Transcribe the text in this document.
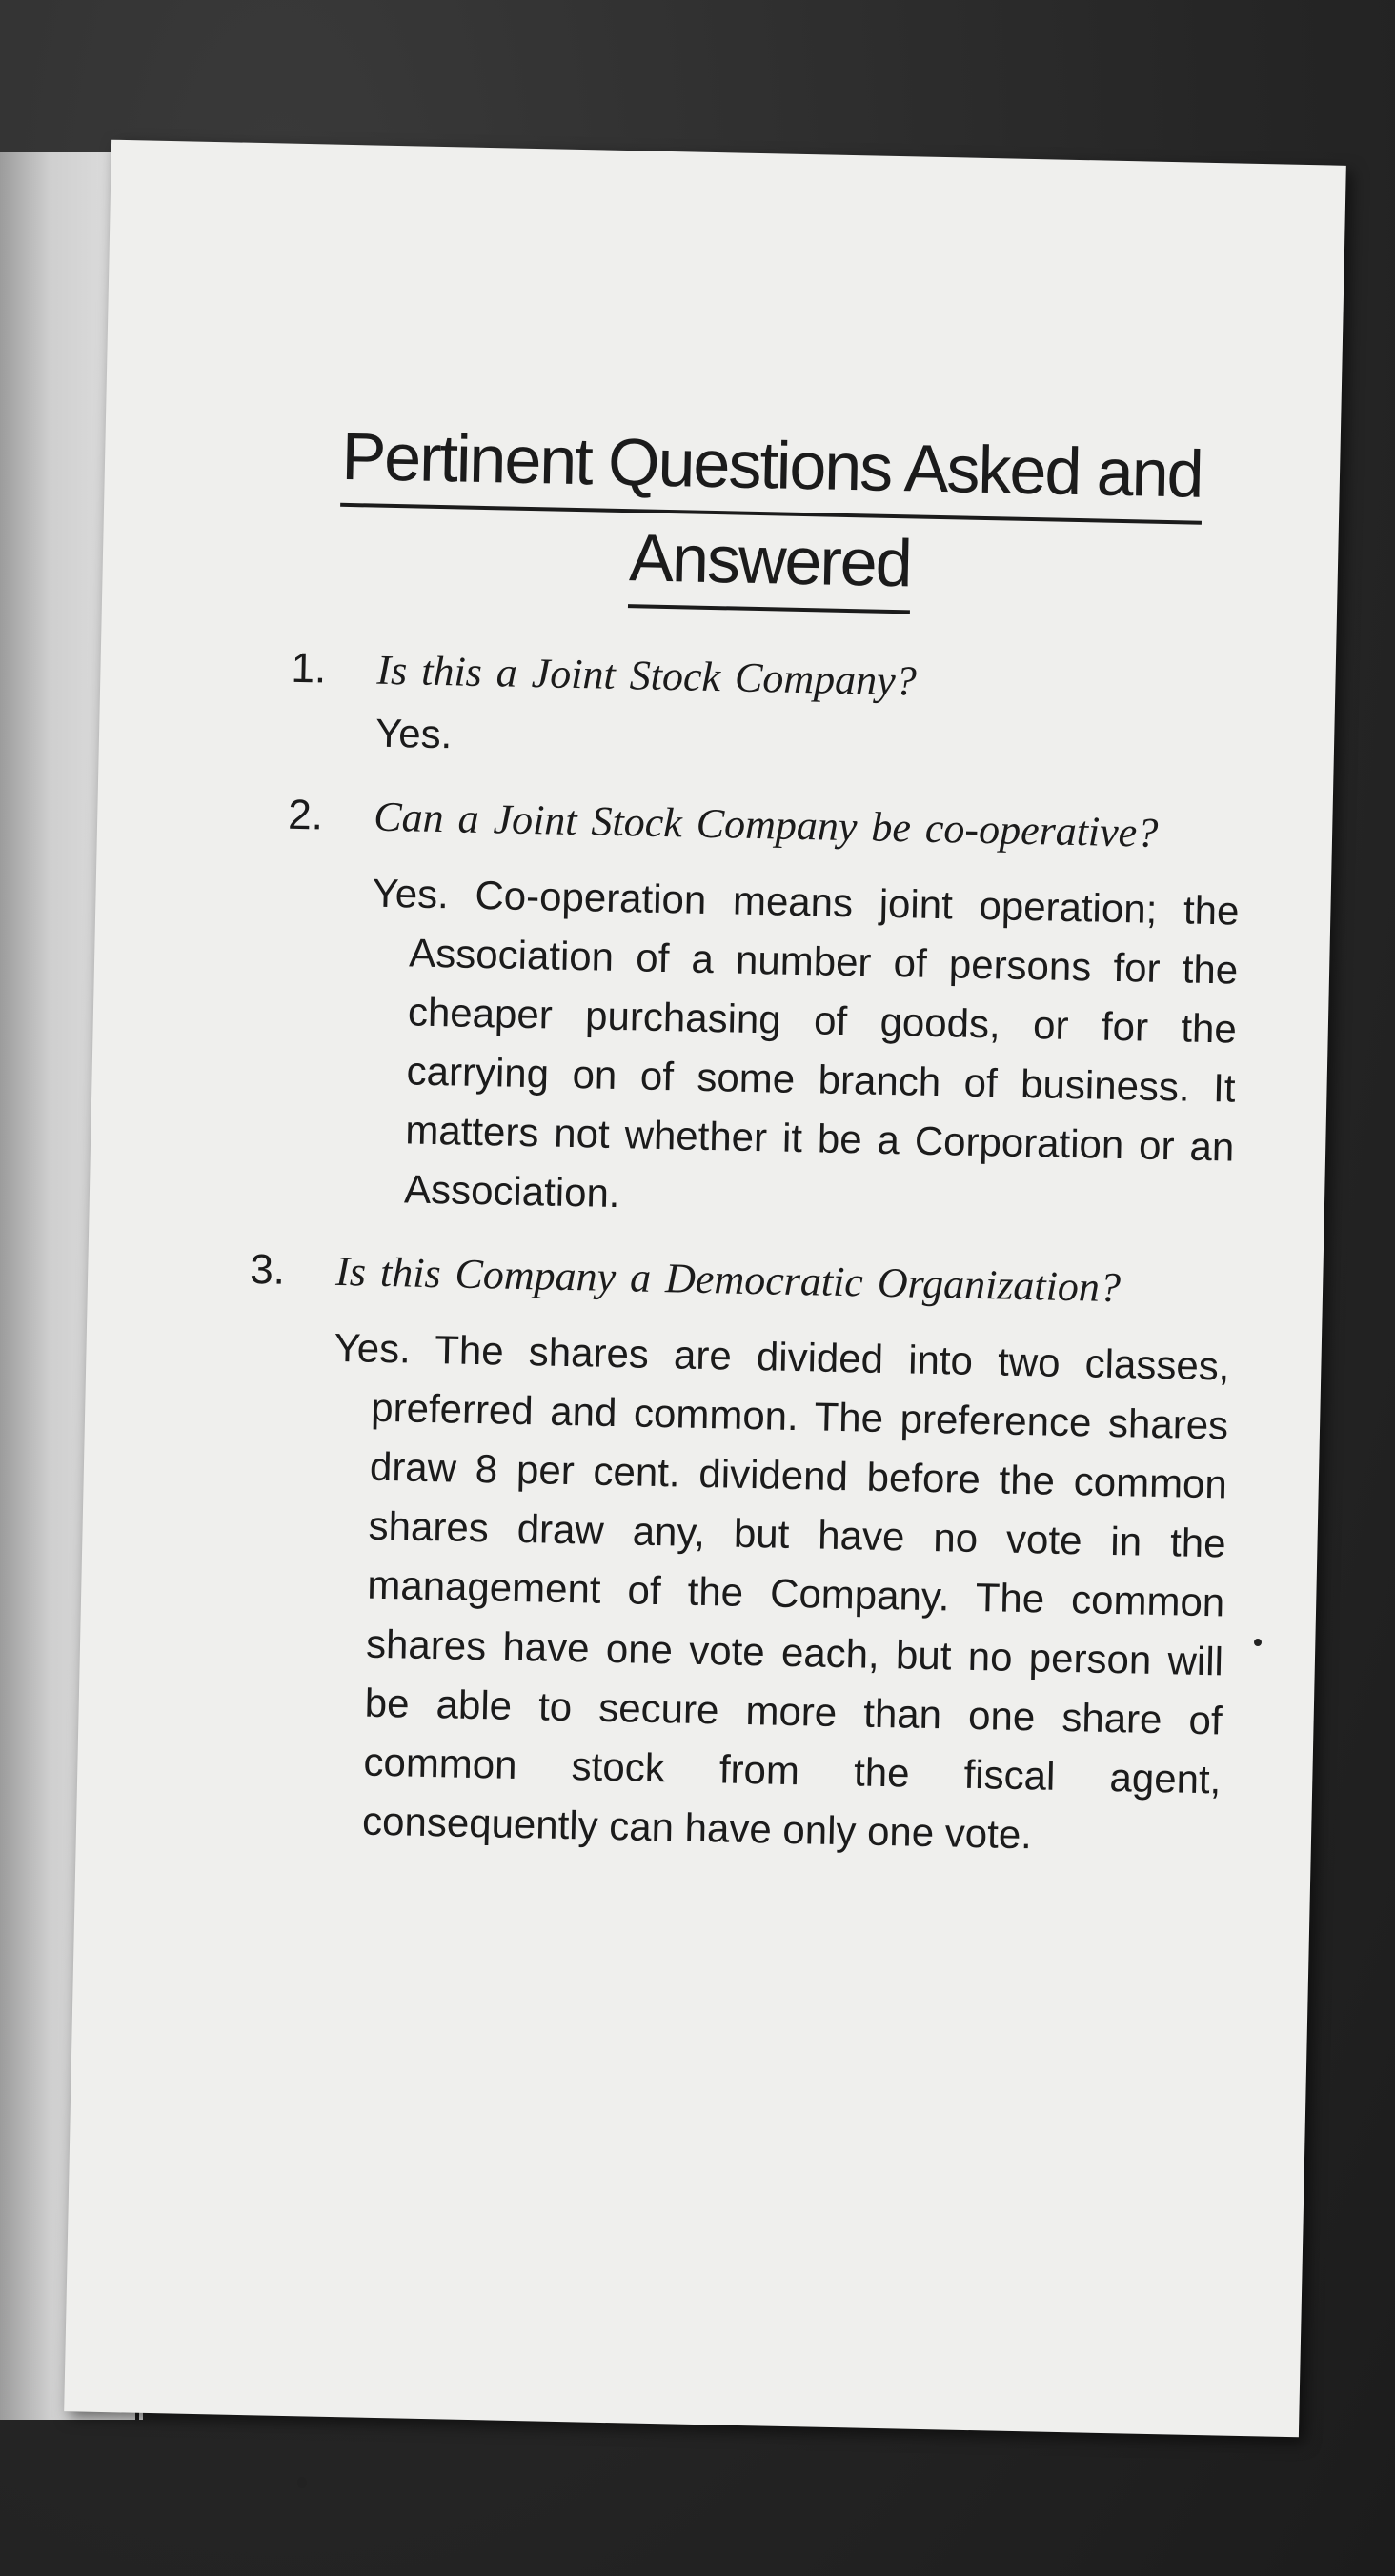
Pertinent Questions Asked and
Answered
1. Is this a Joint Stock Company?
Yes.
2. Can a Joint Stock Company be co-operative?
Yes. Co-operation means joint operation; the Association of a number of persons for the cheaper purchasing of goods, or for the carrying on of some branch of business. It matters not whether it be a Corporation or an Association.
3. Is this Company a Democratic Organization?
Yes. The shares are divided into two classes, preferred and common. The preference shares draw 8 per cent. dividend before the common shares draw any, but have no vote in the management of the Company. The common shares have one vote each, but no person will be able to secure more than one share of common stock from the fiscal agent, consequently can have only one vote.
